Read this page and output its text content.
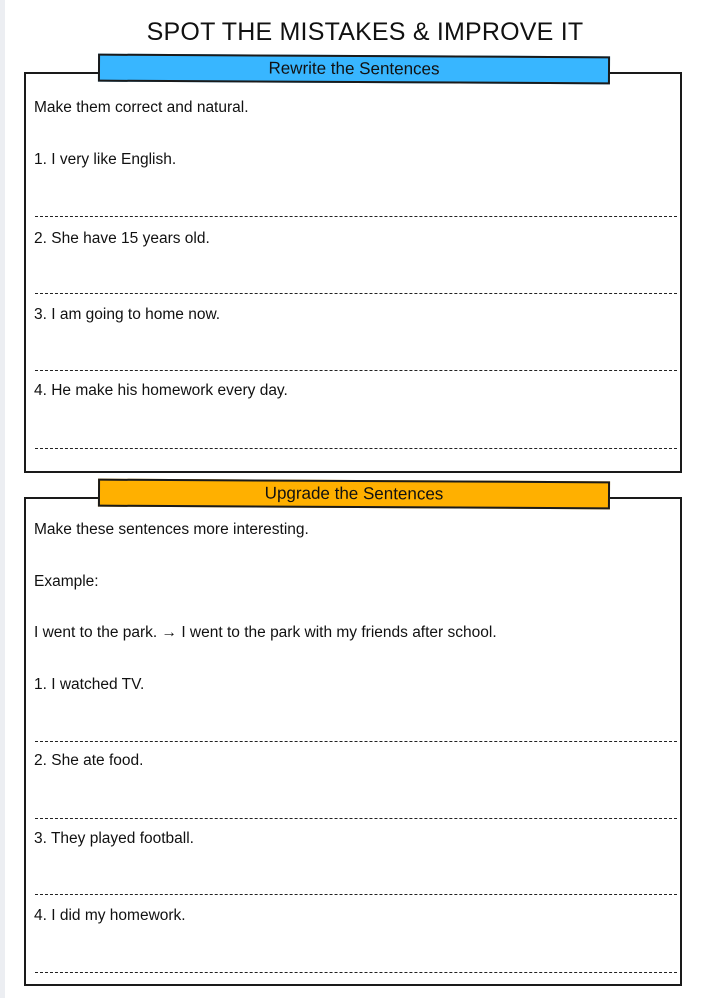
SPOT THE MISTAKES & IMPROVE IT
Rewrite the Sentences
Make them correct and natural.
1. I very like English.
2. She have 15 years old.
3. I am going to home now.
4. He make his homework every day.
Upgrade the Sentences
Make these sentences more interesting.
Example:
I went to the park. → I went to the park with my friends after school.
1. I watched TV.
2. She ate food.
3. They played football.
4. I did my homework.
